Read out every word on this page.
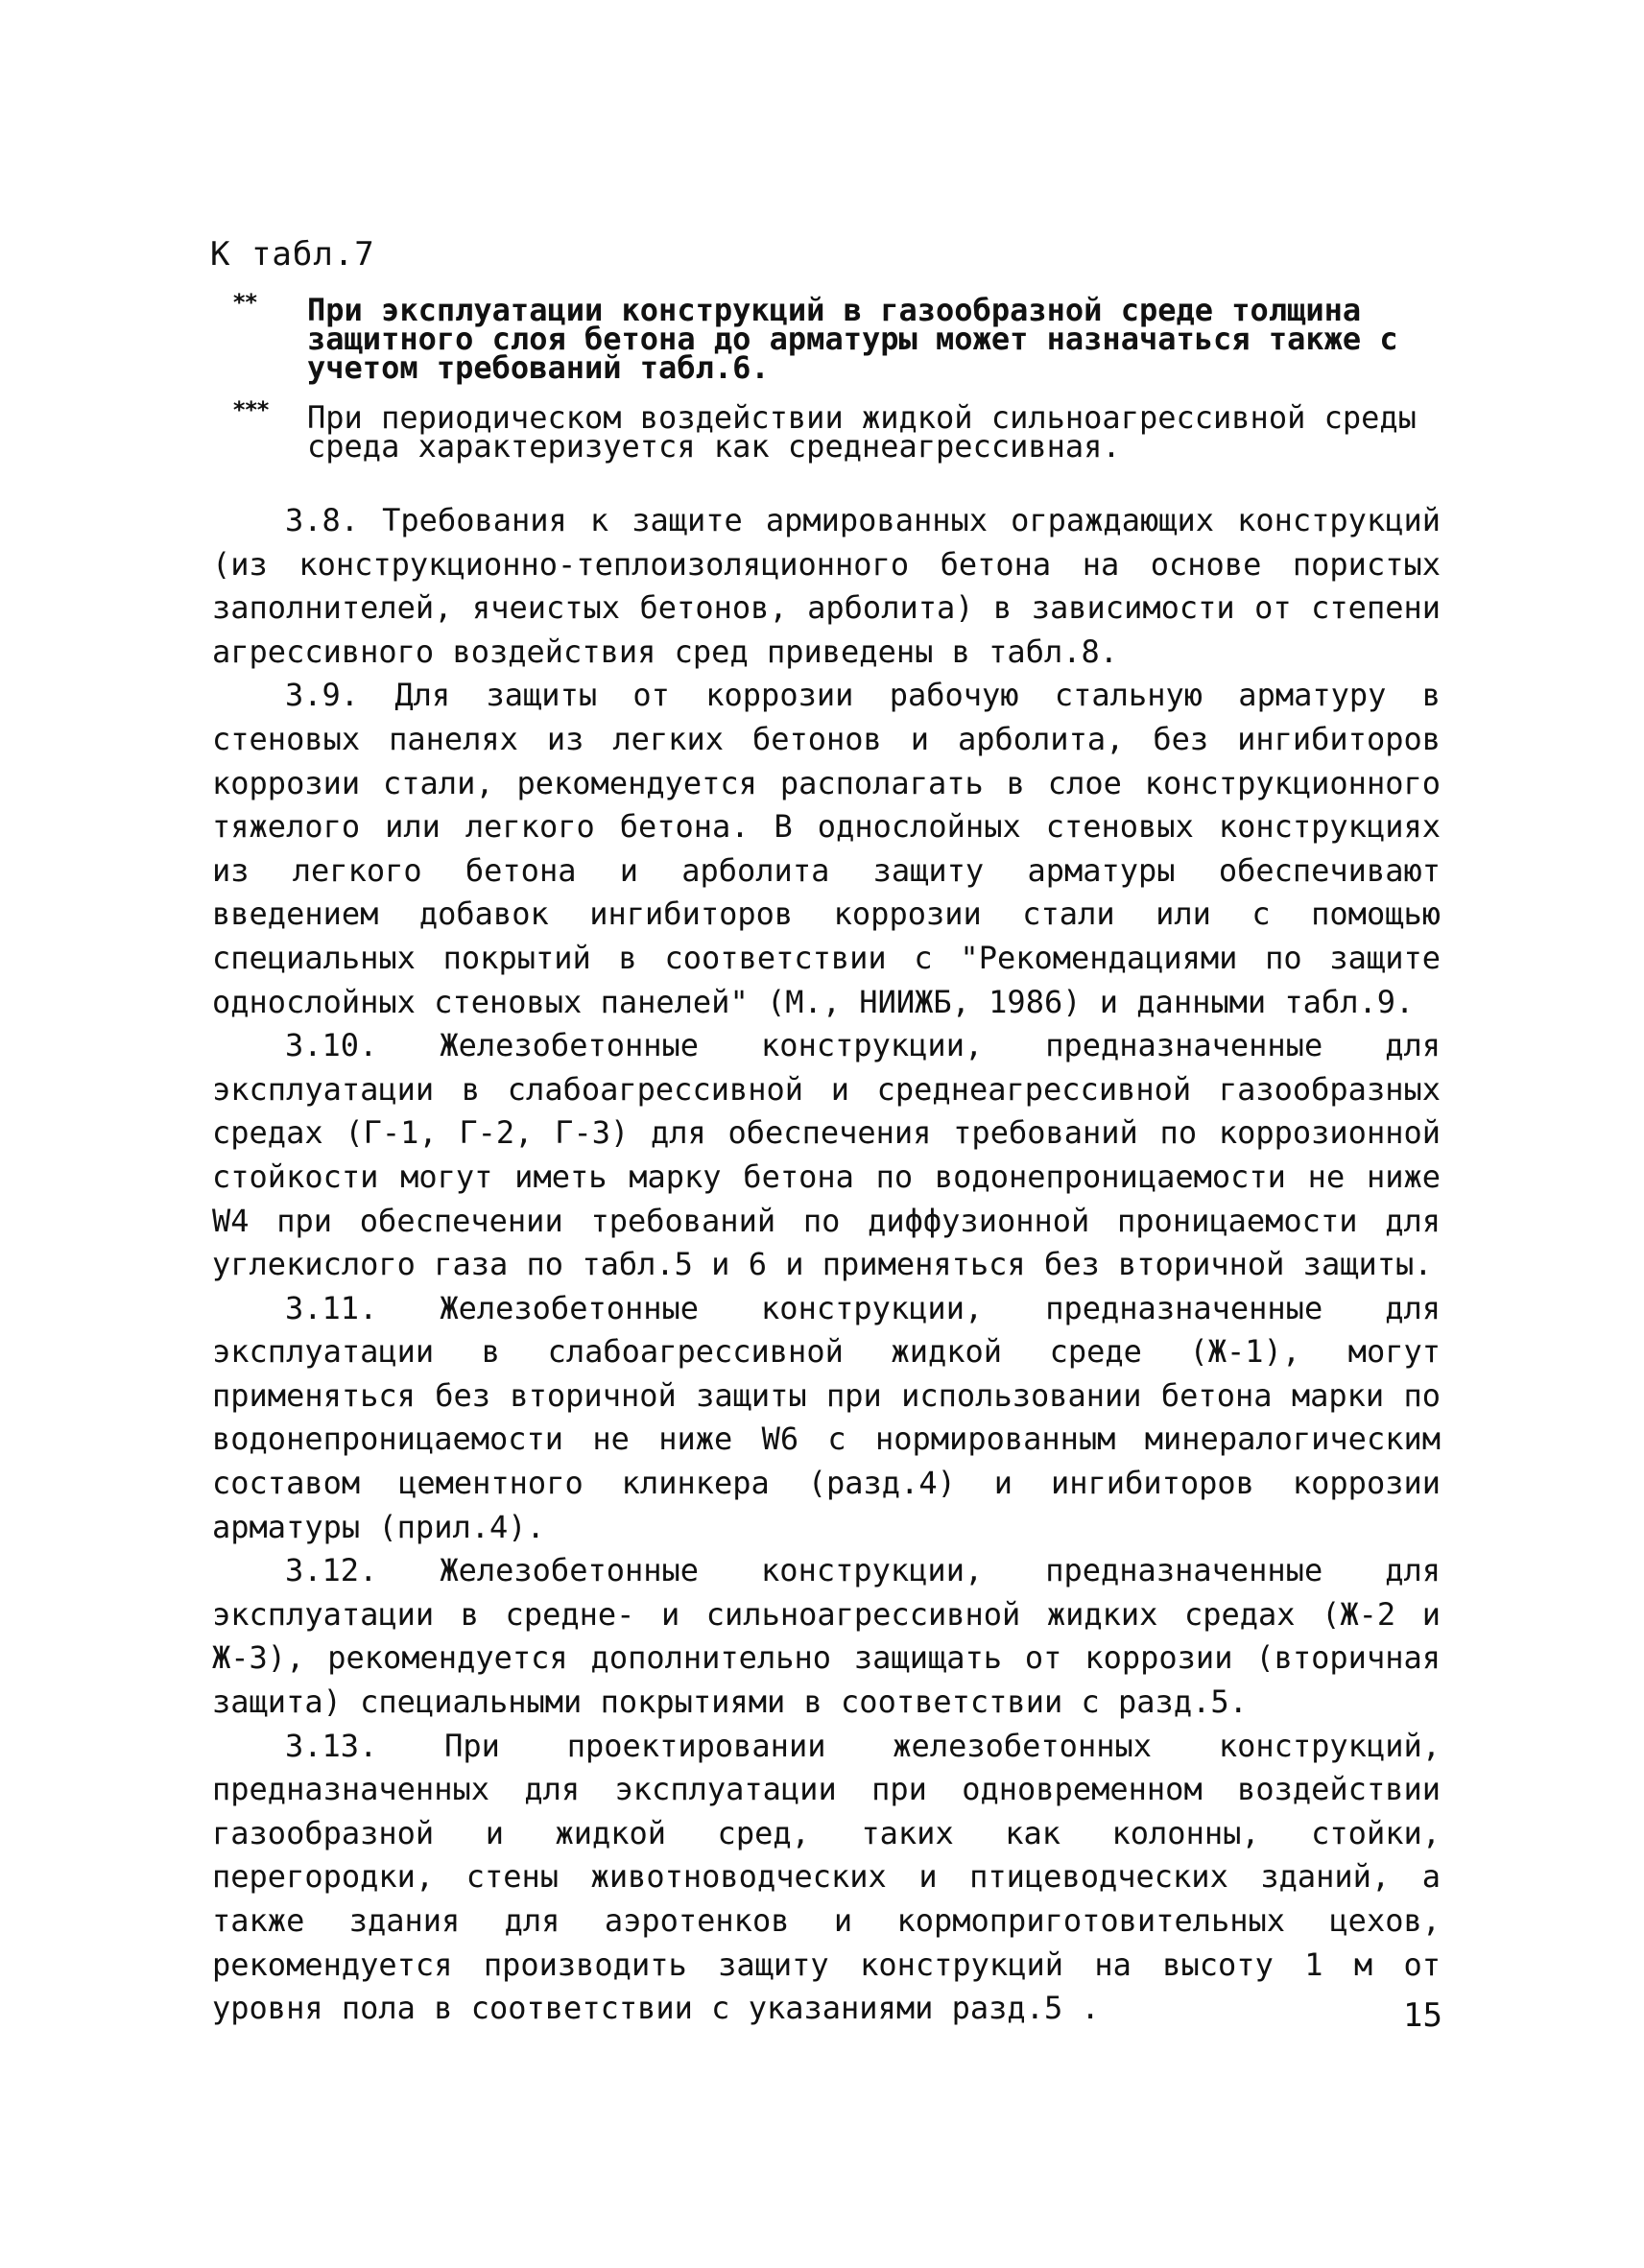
К табл.7
** При эксплуатации конструкций в газообразной среде толщина защитного слоя бетона до арматуры может назначаться также с учетом требований табл.6.
*** При периодическом воздействии жидкой сильноагрессивной среды среда характеризуется как среднеагрессивная.
3.8. Требования к защите армированных ограждающих конструкций (из конструкционно-теплоизоляционного бетона на основе пористых заполнителей, ячеистых бетонов, арболита) в зависимости от степени агрессивного воздействия сред приведены в табл.8.
3.9. Для защиты от коррозии рабочую стальную арматуру в стеновых панелях из легких бетонов и арболита, без ингибиторов коррозии стали, рекомендуется располагать в слое конструкционного тяжелого или легкого бетона. В однослойных стеновых конструкциях из легкого бетона и арболита защиту арматуры обеспечивают введением добавок ингибиторов коррозии стали или с помощью специальных покрытий в соответствии с "Рекомендациями по защите однослойных стеновых панелей" (М., НИИЖБ, 1986) и данными табл.9.
3.10. Железобетонные конструкции, предназначенные для эксплуатации в слабоагрессивной и среднеагрессивной газообразных средах (Г-1, Г-2, Г-3) для обеспечения требований по коррозионной стойкости могут иметь марку бетона по водонепроницаемости не ниже W4 при обеспечении требований по диффузионной проницаемости для углекислого газа по табл.5 и 6 и применяться без вторичной защиты.
3.11. Железобетонные конструкции, предназначенные для эксплуатации в слабоагрессивной жидкой среде (Ж-1), могут применяться без вторичной защиты при использовании бетона марки по водонепроницаемости не ниже W6 с нормированным минералогическим составом цементного клинкера (разд.4) и ингибиторов коррозии арматуры (прил.4).
3.12. Железобетонные конструкции, предназначенные для эксплуатации в средне- и сильноагрессивной жидких средах (Ж-2 и Ж-3), рекомендуется дополнительно защищать от коррозии (вторичная защита) специальными покрытиями в соответствии с разд.5.
3.13. При проектировании железобетонных конструкций, предназначенных для эксплуатации при одновременном воздействии газообразной и жидкой сред, таких как колонны, стойки, перегородки, стены животноводческих и птицеводческих зданий, а также здания для аэротенков и кормоприготовительных цехов, рекомендуется производить защиту конструкций на высоту 1 м от уровня пола в соответствии с указаниями разд.5 .	15
